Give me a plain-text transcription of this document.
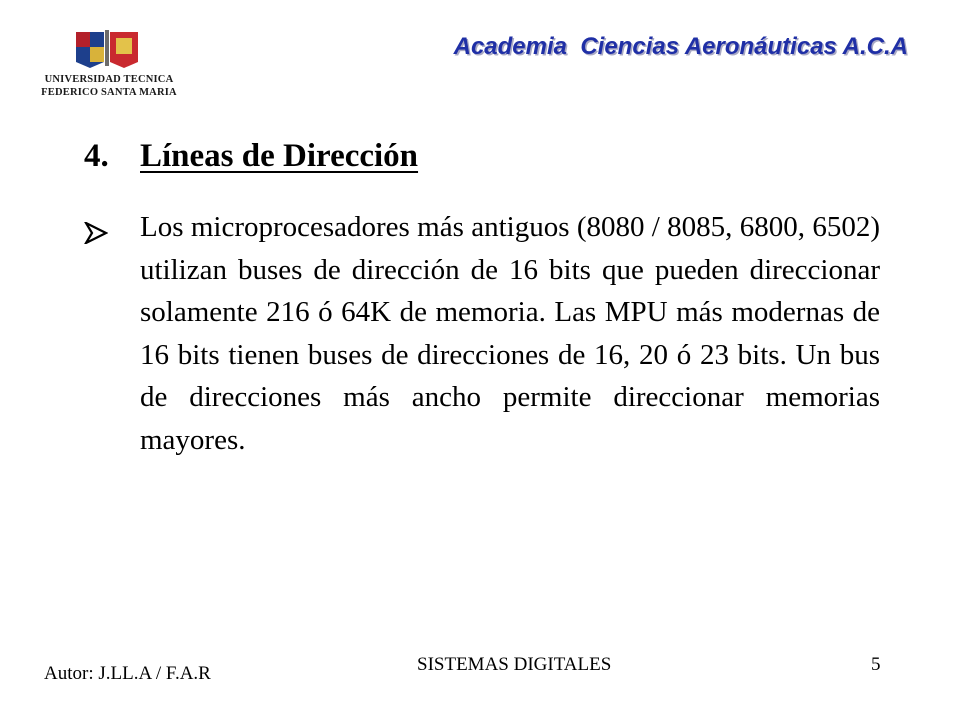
UNIVERSIDAD TECNICA
FEDERICO SANTA MARIA
Academia  Ciencias Aeronáuticas A.C.A
4. Líneas de Dirección
Los microprocesadores más antiguos (8080 / 8085, 6800, 6502) utilizan buses de dirección de 16 bits que pueden direccionar solamente 216 ó 64K de memoria. Las MPU más modernas de 16 bits tienen buses de direcciones de 16, 20 ó 23 bits. Un bus de direcciones más ancho permite direccionar memorias mayores.
Autor: J.LL.A / F.A.R	SISTEMAS DIGITALES	5
